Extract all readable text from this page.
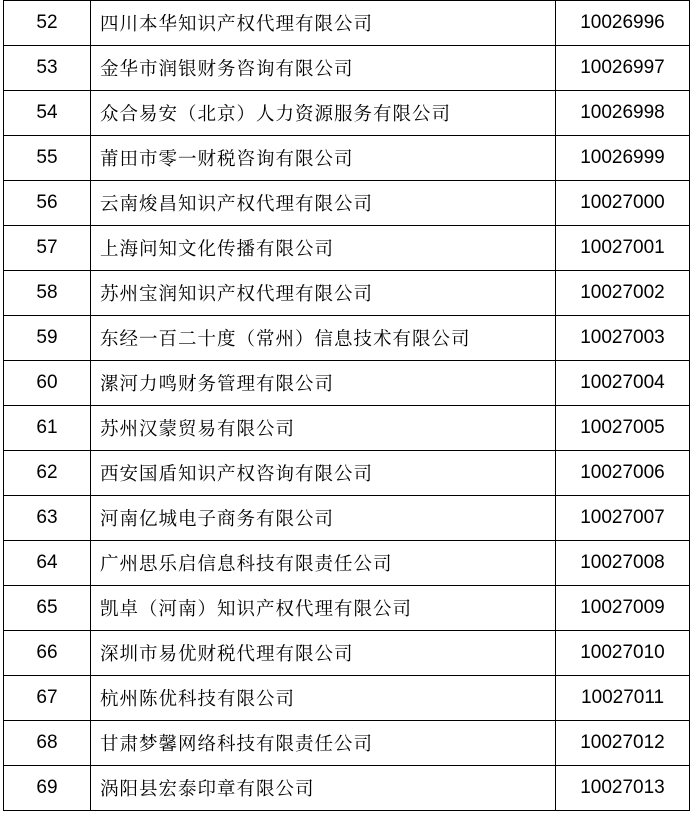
52	四川本华知识产权代理有限公司	10026996
53	金华市润银财务咨询有限公司	10026997
54	众合易安（北京）人力资源服务有限公司	10026998
55	莆田市零一财税咨询有限公司	10026999
56	云南焌昌知识产权代理有限公司	10027000
57	上海问知文化传播有限公司	10027001
58	苏州宝润知识产权代理有限公司	10027002
59	东经一百二十度（常州）信息技术有限公司	10027003
60	漯河力鸣财务管理有限公司	10027004
61	苏州汉蒙贸易有限公司	10027005
62	西安国盾知识产权咨询有限公司	10027006
63	河南亿城电子商务有限公司	10027007
64	广州思乐启信息科技有限责任公司	10027008
65	凯卓（河南）知识产权代理有限公司	10027009
66	深圳市易优财税代理有限公司	10027010
67	杭州陈优科技有限公司	10027011
68	甘肃梦馨网络科技有限责任公司	10027012
69	涡阳县宏泰印章有限公司	10027013
